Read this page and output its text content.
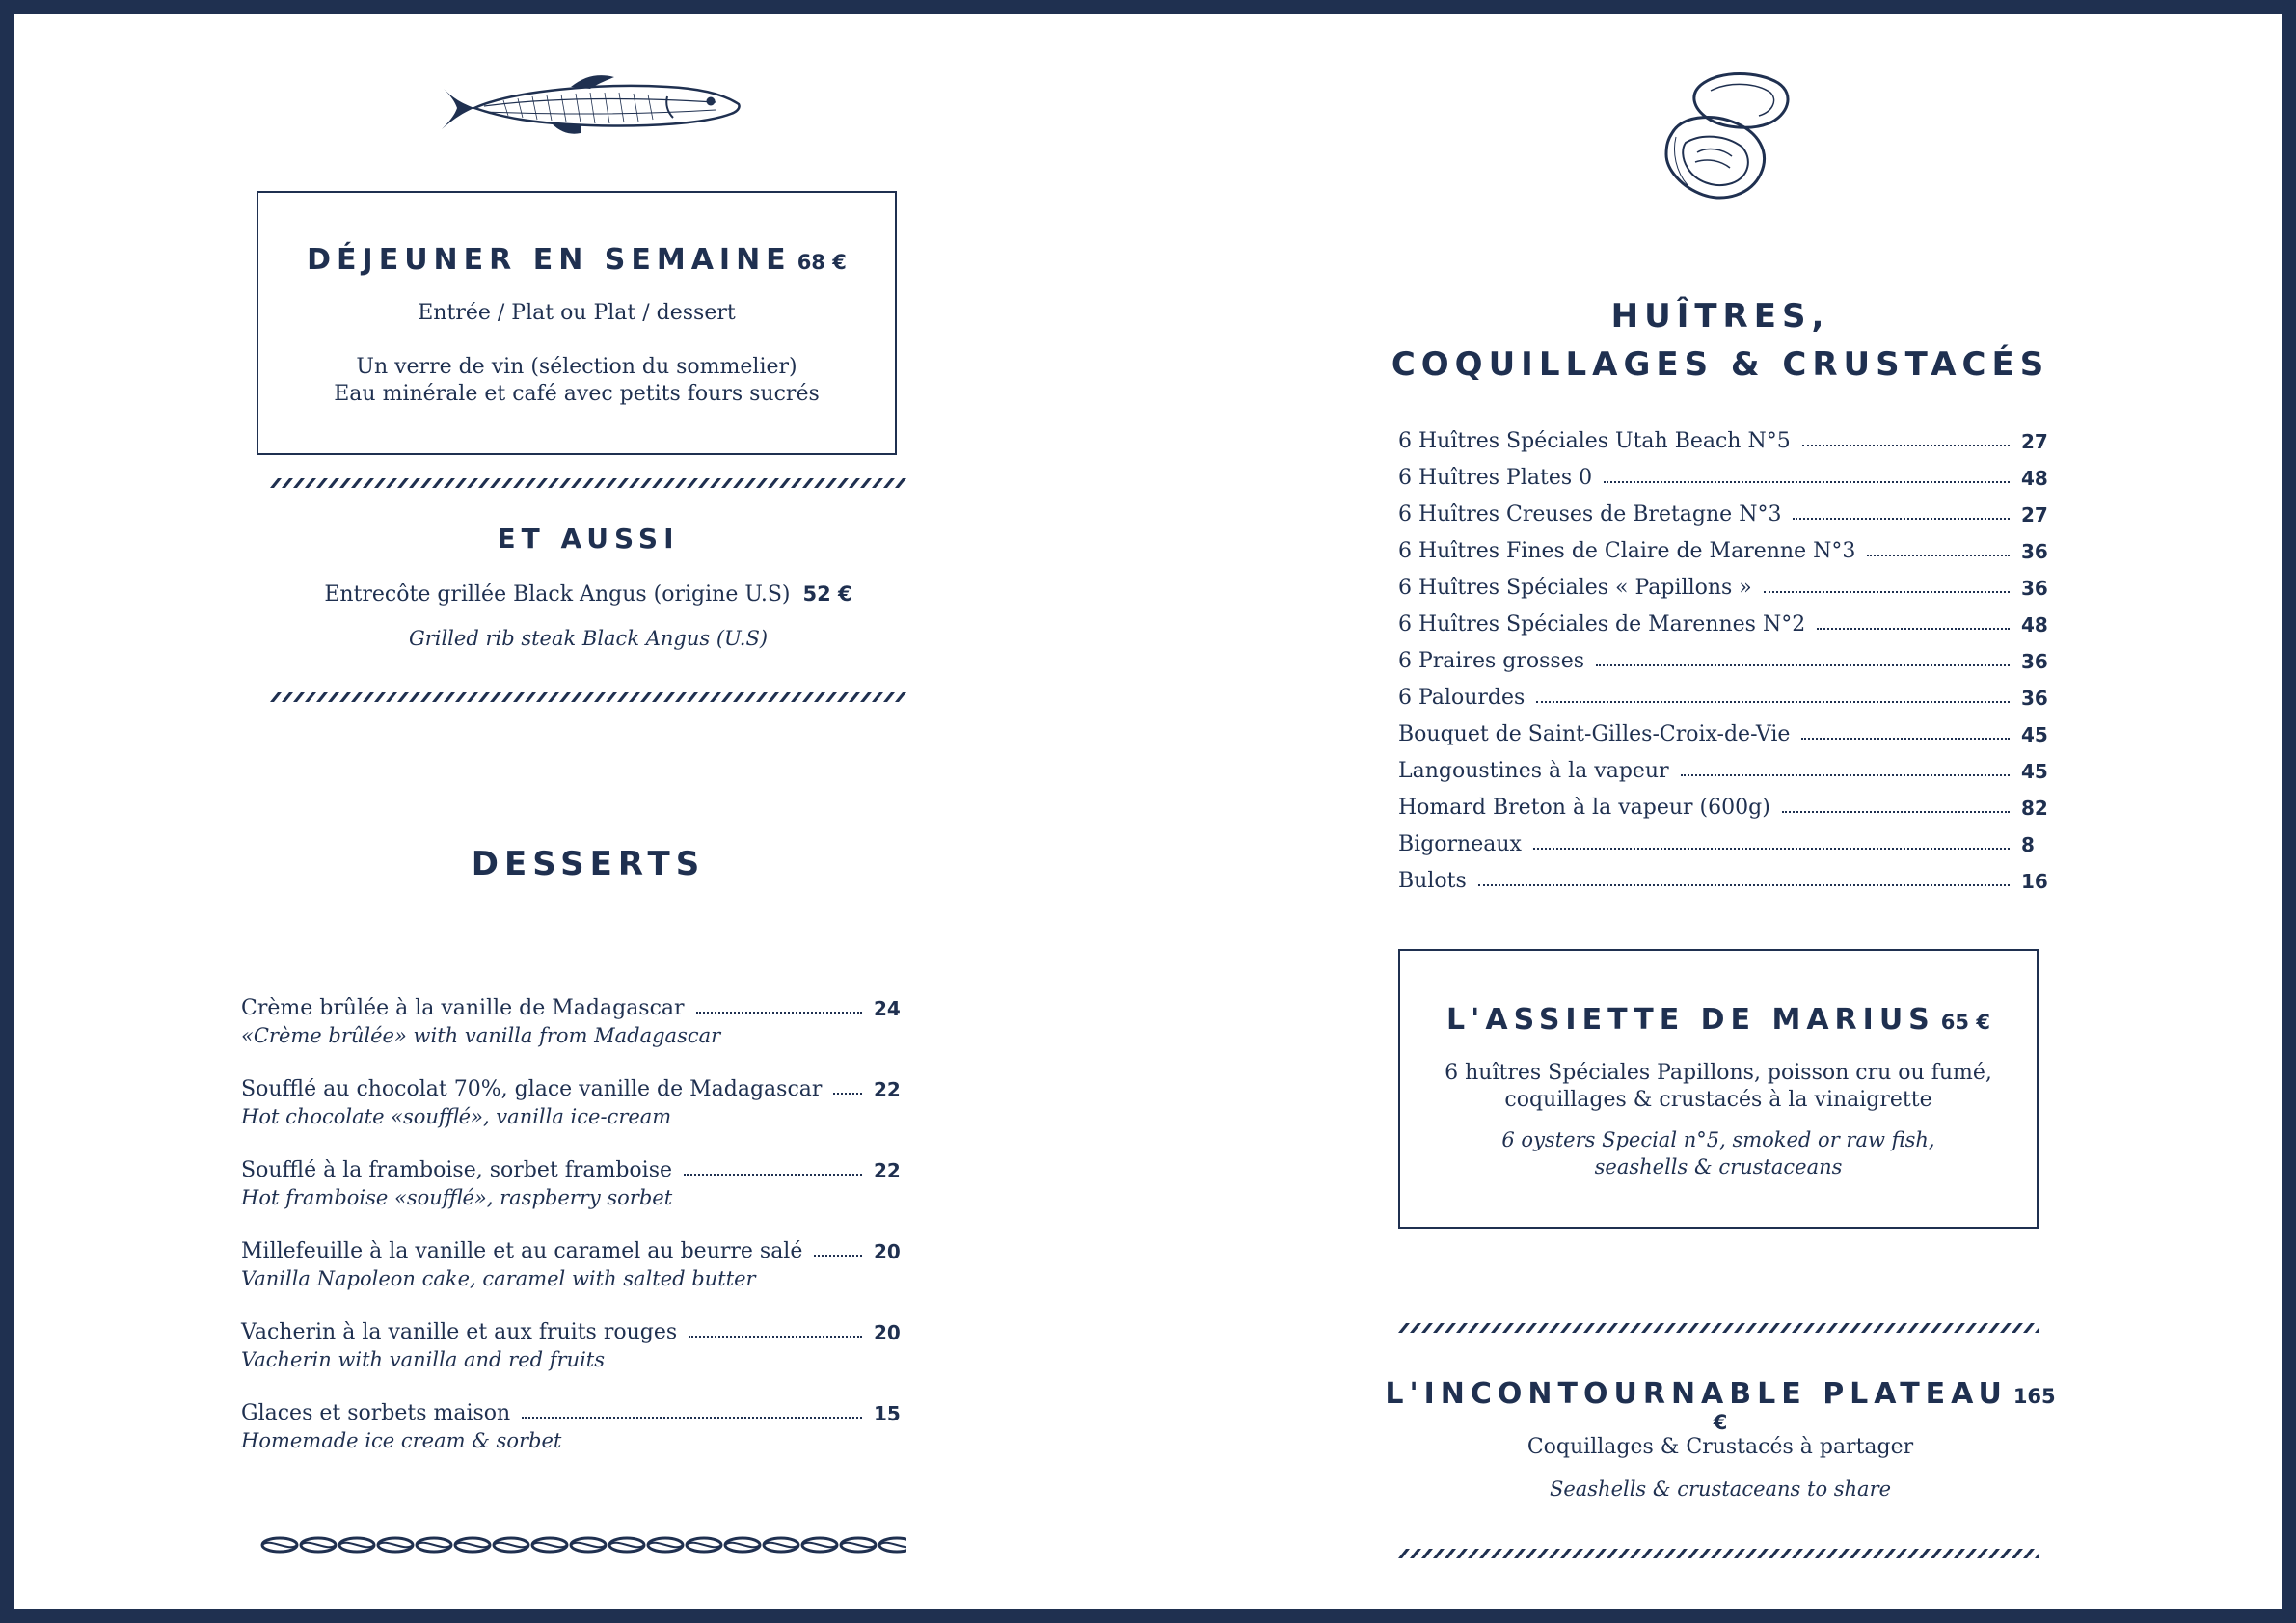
DÉJEUNER EN SEMAINE 68 €
Entrée / Plat ou Plat / dessert
Un verre de vin (sélection du sommelier)
Eau minérale et café avec petits fours sucrés
ET AUSSI
Entrecôte grillée Black Angus (origine U.S) 52 €
Grilled rib steak Black Angus (U.S)
DESSERTS
Crème brûlée à la vanille de Madagascar	24
«Crème brûlée» with vanilla from Madagascar
Soufflé au chocolat 70%, glace vanille de Madagascar	22
Hot chocolate «soufflé», vanilla ice-cream
Soufflé à la framboise, sorbet framboise	22
Hot framboise «soufflé», raspberry sorbet
Millefeuille à la vanille et au caramel au beurre salé	20
Vanilla Napoleon cake, caramel with salted butter
Vacherin à la vanille et aux fruits rouges	20
Vacherin with vanilla and red fruits
Glaces et sorbets maison	15
Homemade ice cream & sorbet
HUÎTRES,
COQUILLAGES & CRUSTACÉS
6 Huîtres Spéciales Utah Beach N°5	27
6 Huîtres Plates 0	48
6 Huîtres Creuses de Bretagne N°3	27
6 Huîtres Fines de Claire de Marenne N°3	36
6 Huîtres Spéciales « Papillons »	36
6 Huîtres Spéciales de Marennes N°2	48
6 Praires grosses	36
6 Palourdes	36
Bouquet de Saint-Gilles-Croix-de-Vie	45
Langoustines à la vapeur	45
Homard Breton à la vapeur (600g)	82
Bigorneaux	8
Bulots	16
L'ASSIETTE DE MARIUS 65 €
6 huîtres Spéciales Papillons, poisson cru ou fumé,
coquillages & crustacés à la vinaigrette
6 oysters Special n°5, smoked or raw fish,
seashells & crustaceans
L'INCONTOURNABLE PLATEAU 165 €
Coquillages & Crustacés à partager
Seashells & crustaceans to share
